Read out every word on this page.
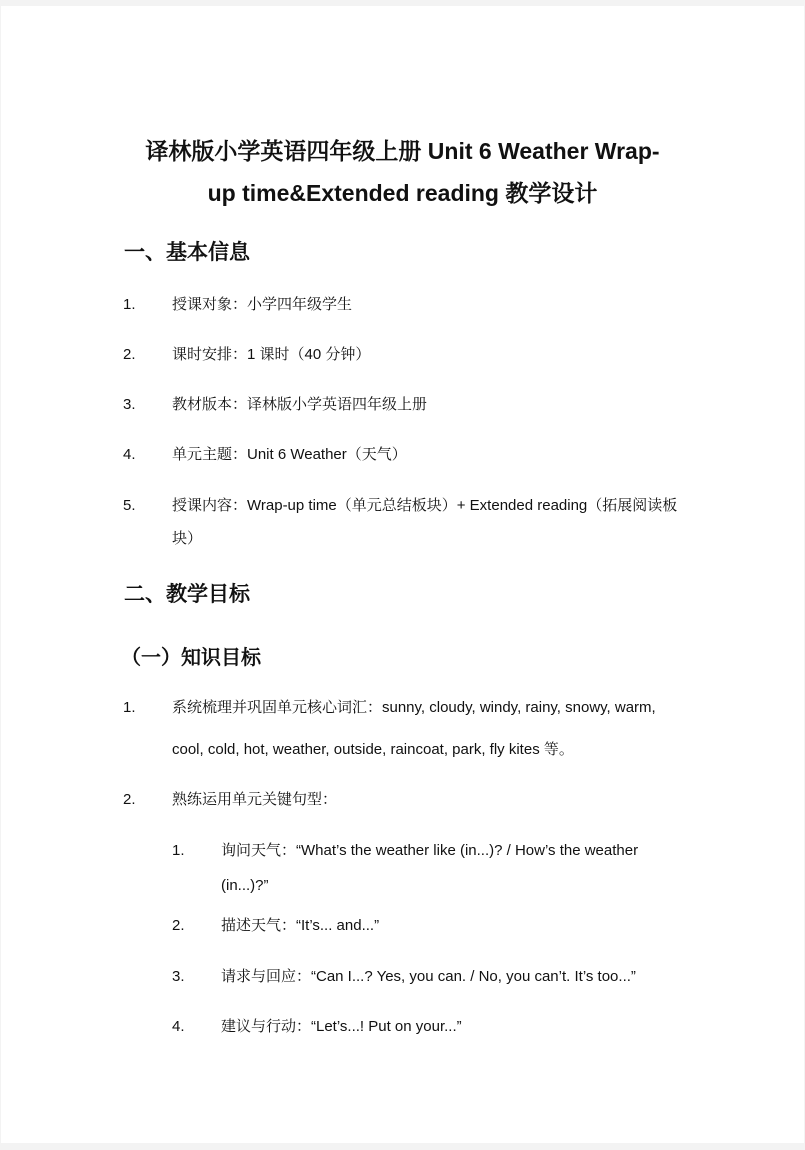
译林版小学英语四年级上册 Unit 6 Weather Wrap-
up time&Extended reading 教学设计
一、基本信息
1. 授课对象：小学四年级学生
2. 课时安排：1 课时（40 分钟）
3. 教材版本：译林版小学英语四年级上册
4. 单元主题：Unit 6 Weather（天气）
5. 授课内容：Wrap-up time（单元总结板块）+ Extended reading（拓展阅读板
块）
二、教学目标
（一）知识目标
1. 系统梳理并巩固单元核心词汇：sunny, cloudy, windy, rainy, snowy, warm,
cool, cold, hot, weather, outside, raincoat, park, fly kites 等。
2. 熟练运用单元关键句型：
1. 询问天气：“What’s the weather like (in...)? / How’s the weather
(in...)?”
2. 描述天气：“It’s... and...”
3. 请求与回应：“Can I...? Yes, you can. / No, you can’t. It’s too...”
4. 建议与行动：“Let’s...! Put on your...”
